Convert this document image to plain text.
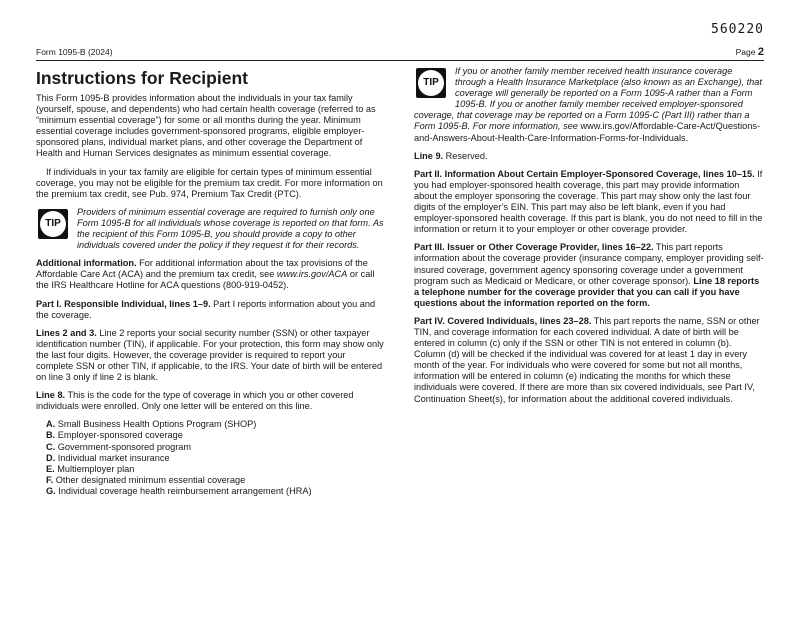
560220
Form 1095-B (2024)	Page 2
Instructions for Recipient

This Form 1095-B provides information about the individuals in your tax family (yourself, spouse, and dependents) who had certain health coverage (referred to as “minimum essential coverage”) for some or all months during the year. Minimum essential coverage includes government-sponsored programs, eligible employer-sponsored plans, individual market plans, and other coverage the Department of Health and Human Services designates as minimum essential coverage.

If individuals in your tax family are eligible for certain types of minimum essential coverage, you may not be eligible for the premium tax credit. For more information on the premium tax credit, see Pub. 974, Premium Tax Credit (PTC).

TIP
Providers of minimum essential coverage are required to furnish only one Form 1095-B for all individuals whose coverage is reported on that form. As the recipient of this Form 1095-B, you should provide a copy to other individuals covered under the policy if they request it for their records.

Additional information. For additional information about the tax provisions of the Affordable Care Act (ACA) and the premium tax credit, see www.irs.gov/ACA or call the IRS Healthcare Hotline for ACA questions (800-919-0452).

Part I. Responsible Individual, lines 1–9. Part I reports information about you and the coverage.

Lines 2 and 3. Line 2 reports your social security number (SSN) or other taxpayer identification number (TIN), if applicable. For your protection, this form may show only the last four digits. However, the coverage provider is required to report your complete SSN or other TIN, if applicable, to the IRS. Your date of birth will be entered on line 3 only if line 2 is blank.

Line 8. This is the code for the type of coverage in which you or other covered individuals were enrolled. Only one letter will be entered on this line.

A. Small Business Health Options Program (SHOP)
B. Employer-sponsored coverage
C. Government-sponsored program
D. Individual market insurance
E. Multiemployer plan
F. Other designated minimum essential coverage
G. Individual coverage health reimbursement arrangement (HRA)
TIP
If you or another family member received health insurance coverage through a Health Insurance Marketplace (also known as an Exchange), that coverage will generally be reported on a Form 1095-A rather than a Form 1095-B. If you or another family member received employer-sponsored coverage, that coverage may be reported on a Form 1095-C (Part III) rather than a Form 1095-B. For more information, see www.irs.gov/Affordable-Care-Act/Questions-and-Answers-About-Health-Care-Information-Forms-for-Individuals.

Line 9. Reserved.

Part II. Information About Certain Employer-Sponsored Coverage, lines 10–15. If you had employer-sponsored health coverage, this part may provide information about the employer sponsoring the coverage. This part may show only the last four digits of the employer’s EIN. This part may also be left blank, even if you had employer-sponsored health coverage. If this part is blank, you do not need to fill in the information or return it to your employer or other coverage provider.

Part III. Issuer or Other Coverage Provider, lines 16–22. This part reports information about the coverage provider (insurance company, employer providing self-insured coverage, government agency sponsoring coverage under a government program such as Medicaid or Medicare, or other coverage sponsor). Line 18 reports a telephone number for the coverage provider that you can call if you have questions about the information reported on the form.

Part IV. Covered Individuals, lines 23–28. This part reports the name, SSN or other TIN, and coverage information for each covered individual. A date of birth will be entered in column (c) only if the SSN or other TIN is not entered in column (b). Column (d) will be checked if the individual was covered for at least 1 day in every month of the year. For individuals who were covered for some but not all months, information will be entered in column (e) indicating the months for which these individuals were covered. If there are more than six covered individuals, see Part IV, Continuation Sheet(s), for information about the additional covered individuals.
